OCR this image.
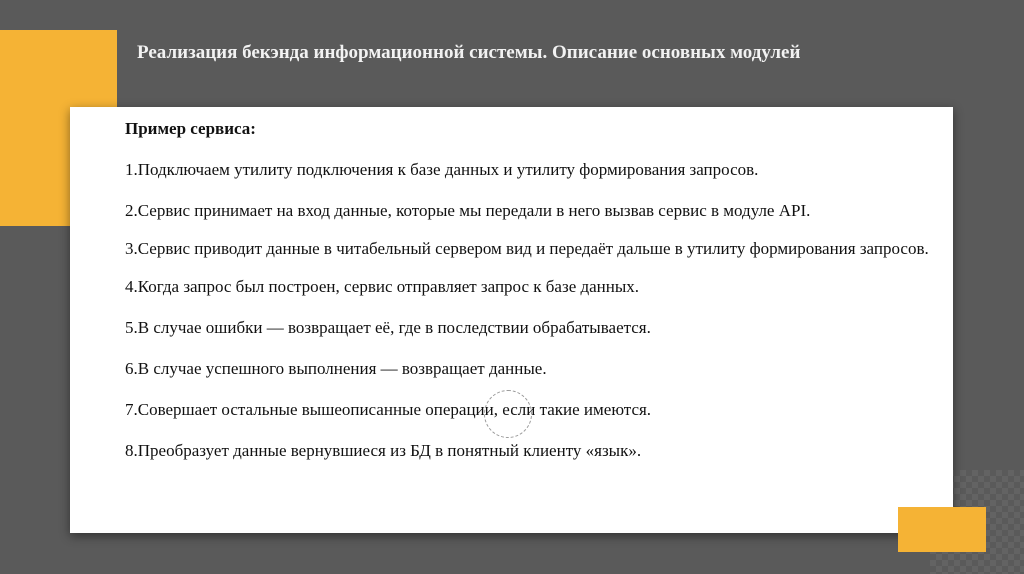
Реализация бекэнда информационной системы. Описание основных модулей

Пример сервиса:

1.Подключаем утилиту подключения к базе данных и утилиту формирования запросов.

2.Сервис принимает на вход данные, которые мы передали в него вызвав сервис в модуле API.

3.Сервис приводит данные в читабельный сервером вид и передаёт дальше в утилиту формирования запросов.

4.Когда запрос был построен, сервис отправляет запрос к базе данных.

5.В случае ошибки — возвращает её, где в последствии обрабатывается.

6.В случае успешного выполнения — возвращает данные.

7.Совершает остальные вышеописанные операции, если такие имеются.

8.Преобразует данные вернувшиеся из БД в понятный клиенту «язык».
